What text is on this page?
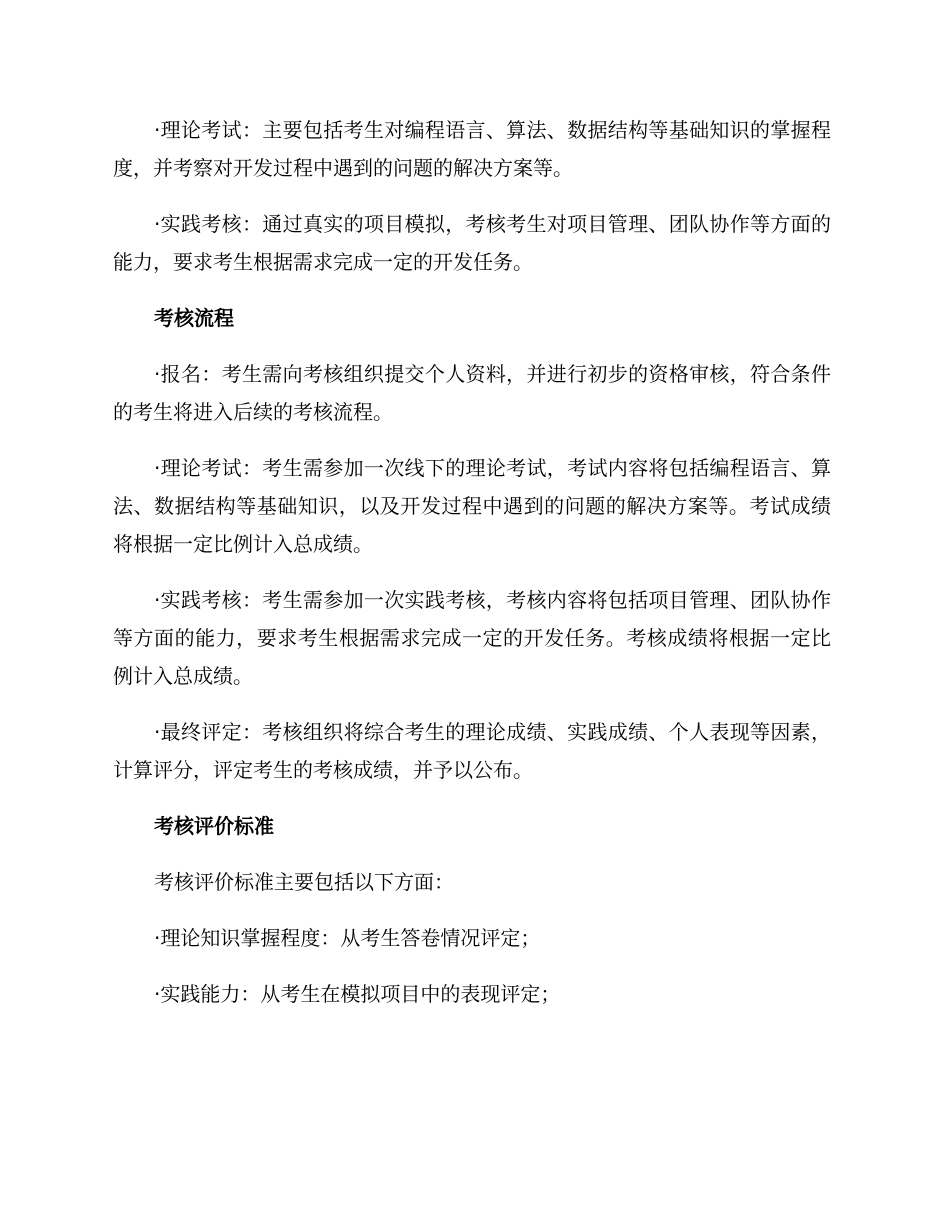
·理论考试：主要包括考生对编程语言、算法、数据结构等基础知识的掌握程度，并考察对开发过程中遇到的问题的解决方案等。

·实践考核：通过真实的项目模拟，考核考生对项目管理、团队协作等方面的能力，要求考生根据需求完成一定的开发任务。

考核流程

·报名：考生需向考核组织提交个人资料，并进行初步的资格审核，符合条件的考生将进入后续的考核流程。

·理论考试：考生需参加一次线下的理论考试，考试内容将包括编程语言、算法、数据结构等基础知识，以及开发过程中遇到的问题的解决方案等。考试成绩将根据一定比例计入总成绩。

·实践考核：考生需参加一次实践考核，考核内容将包括项目管理、团队协作等方面的能力，要求考生根据需求完成一定的开发任务。考核成绩将根据一定比例计入总成绩。

·最终评定：考核组织将综合考生的理论成绩、实践成绩、个人表现等因素，计算评分，评定考生的考核成绩，并予以公布。

考核评价标准

考核评价标准主要包括以下方面：

·理论知识掌握程度：从考生答卷情况评定；

·实践能力：从考生在模拟项目中的表现评定；
